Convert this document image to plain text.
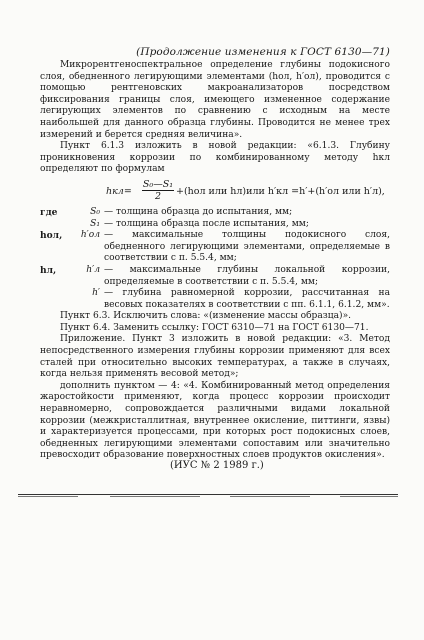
(Продолжение изменения к ГОСТ 6130—71)

Микрорентгеноспектральное определение глубины подокисного слоя, обедненного легирующими элементами (hол, h′ол), проводится с помощью рентгеновских макроанализаторов посредством фиксирования границы слоя, имеющего измененное содержание легирующих элементов по сравнению с исходным на месте наибольшей для данного образца глубины. Проводится не менее трех измерений и берется средняя величина».

Пункт 6.1.3 изложить в новой редакции: «6.1.3. Глубину проникновения коррозии по комбинированному методу hкл определяют по формулам

$hкл= \frac{\text{S₀—S₁}}{2} +(hол$ или hл)или h′кл =h′+(h′ол или h′л),
где	S₀ — толщина образца до испытания, мм;
S₁ — толщина образца после испытания, мм;
hол,	h′ол — максимальные толщины подокисного слоя, обедненного легирующими элементами, определяемые в соответствии с п. 5.5.4, мм;
hл,	h′л — максимальные глубины локальной коррозии, определяемые в соответствии с п. 5.5.4, мм;
h′ — глубина равномерной коррозии, рассчитанная на весовых показателях в соответствии с пп. 6.1.1, 6.1.2, мм».

Пункт 6.3. Исключить слова: «(изменение массы образца)».

Пункт 6.4. Заменить ссылку: ГОСТ 6310—71 на ГОСТ 6130—71.

Приложение. Пункт 3 изложить в новой редакции: «3. Метод непосредственного измерения глубины коррозии применяют для всех сталей при относительно высоких температурах, а также в случаях, когда нельзя применять весовой метод»;

дополнить пунктом — 4: «4. Комбинированный метод определения жаростойкости применяют, когда процесс коррозии происходит неравномерно, сопровождается различными видами локальной коррозии (межкристаллитная, внутреннее окисление, питтинги, язвы) и характеризуется процессами, при которых рост подокисных слоев, обедненных легирующими элементами сопоставим или значительно превосходит образование поверхностных слоев продуктов окисления».

(ИУС № 2 1989 г.)
